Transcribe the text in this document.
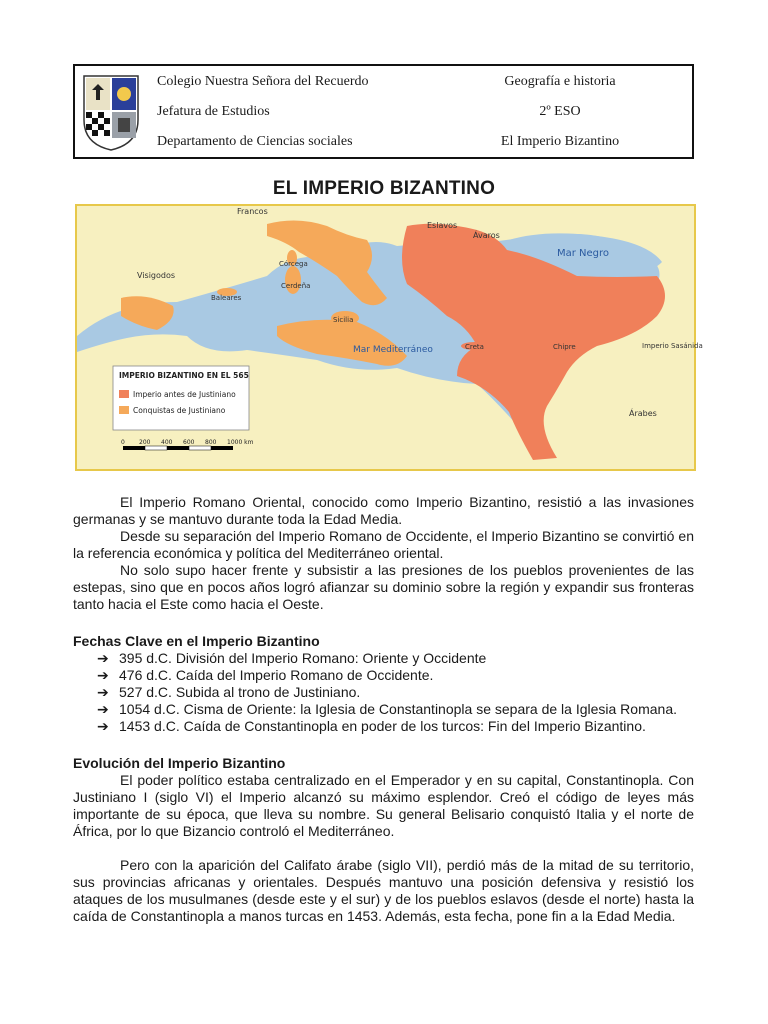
Colegio Nuestra Señora del Recuerdo
Jefatura de Estudios
Departamento de Ciencias sociales
Geografía e historia
2º ESO
El Imperio Bizantino
EL IMPERIO BIZANTINO
Francos
Visigodos
Eslavos
Ávaros
Mar Negro
Mar Mediterráneo	Imperio Sasánida
Árabes
Baleares
Córcega
Cerdeña
Sicilia
Creta	Chipre
IMPERIO BIZANTINO EN EL 565
Imperio antes de Justiniano
Conquistas de Justiniano
0 200 400 600 800 1000 km

El Imperio Romano Oriental, conocido como Imperio Bizantino, resistió a las invasiones germanas y se mantuvo durante toda la Edad Media.

Desde su separación del Imperio Romano de Occidente, el Imperio Bizantino se convirtió en la referencia económica y política del Mediterráneo oriental.

No solo supo hacer frente y subsistir a las presiones de los pueblos provenientes de las estepas, sino que en pocos años logró afianzar su dominio sobre la región y expandir sus fronteras tanto hacia el Este como hacia el Oeste.

Fechas Clave en el Imperio Bizantino
➔ 395 d.C. División del Imperio Romano: Oriente y Occidente
➔ 476 d.C. Caída del Imperio Romano de Occidente.
➔ 527 d.C. Subida al trono de Justiniano.
➔ 1054 d.C. Cisma de Oriente: la Iglesia de Constantinopla se separa de la Iglesia Romana.
➔ 1453 d.C. Caída de Constantinopla en poder de los turcos: Fin del Imperio Bizantino.
Evolución del Imperio Bizantino

El poder político estaba centralizado en el Emperador y en su capital, Constantinopla. Con Justiniano I (siglo VI) el Imperio alcanzó su máximo esplendor. Creó el código de leyes más importante de su época, que lleva su nombre. Su general Belisario conquistó Italia y el norte de África, por lo que Bizancio controló el Mediterráneo.

Pero con la aparición del Califato árabe (siglo VII), perdió más de la mitad de su territorio, sus provincias africanas y orientales. Después mantuvo una posición defensiva y resistió los ataques de los musulmanes (desde este y el sur) y de los pueblos eslavos (desde el norte) hasta la caída de Constantinopla a manos turcas en 1453. Además, esta fecha, pone fin a la Edad Media.
